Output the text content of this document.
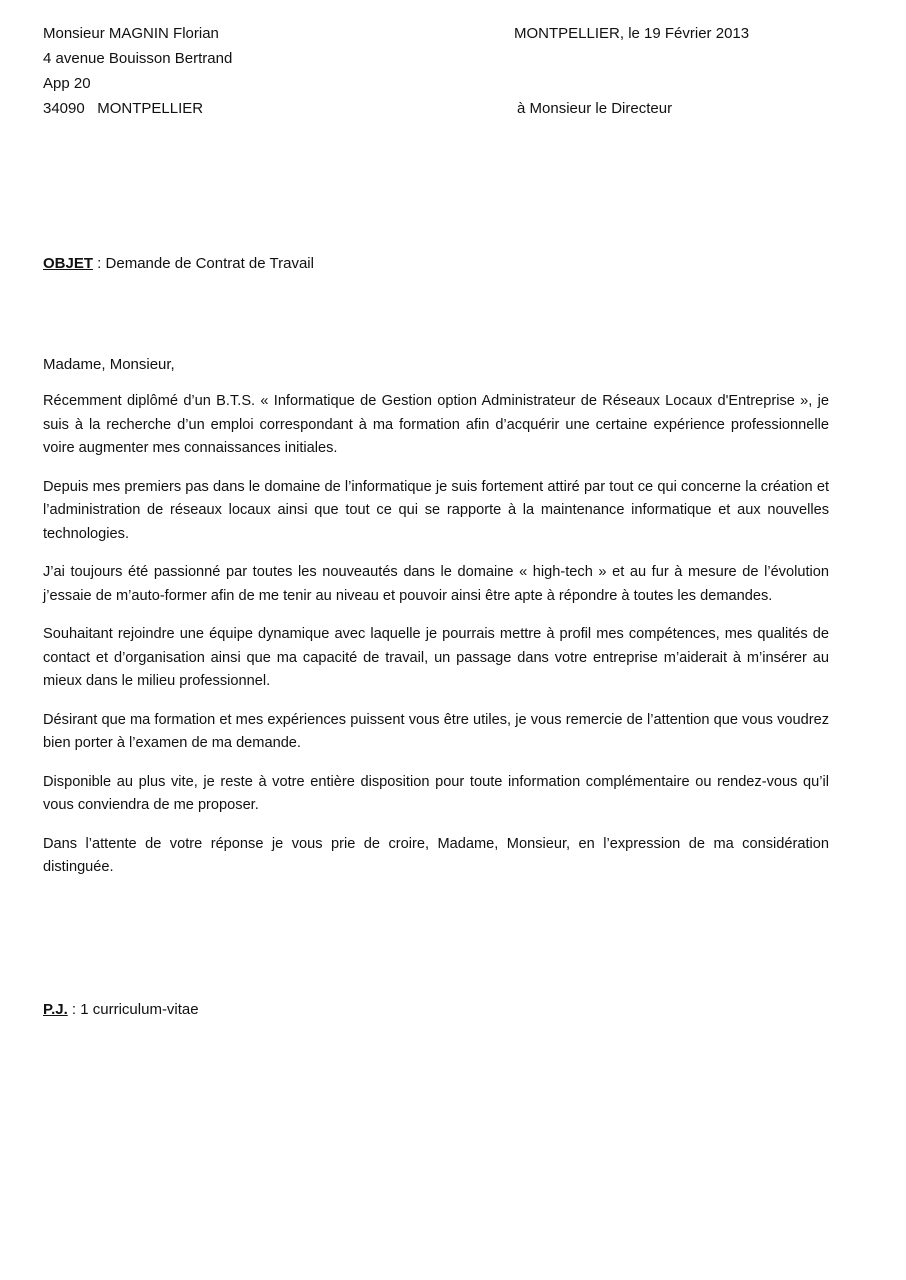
Monsieur MAGNIN Florian
4 avenue Bouisson Bertrand
App 20
34090   MONTPELLIER
MONTPELLIER, le 19 Février 2013
à Monsieur le Directeur
OBJET : Demande de Contrat de Travail
Madame, Monsieur,

Récemment diplômé d’un B.T.S. « Informatique de Gestion option Administrateur de Réseaux Locaux d'Entreprise », je suis à la recherche d’un emploi correspondant à ma formation afin d’acquérir une certaine expérience professionnelle voire augmenter mes connaissances initiales.

Depuis mes premiers pas dans le domaine de l’informatique je suis fortement attiré par tout ce qui concerne la création et l’administration de réseaux locaux ainsi que tout ce qui se rapporte à la maintenance informatique et aux nouvelles technologies.

J’ai toujours été passionné par toutes les nouveautés dans le domaine « high-tech » et au fur à mesure de l’évolution j’essaie de m’auto-former afin de me tenir au niveau et pouvoir ainsi être apte à répondre à toutes les demandes.

Souhaitant rejoindre une équipe dynamique avec laquelle je pourrais mettre à profil mes compétences, mes qualités de contact et d’organisation ainsi que ma capacité de travail, un passage dans votre entreprise m’aiderait à m’insérer au mieux dans le milieu professionnel.

Désirant que ma formation et mes expériences puissent vous être utiles, je vous remercie de l’attention que vous voudrez bien porter à l’examen de ma demande.

Disponible au plus vite, je reste à votre entière disposition pour toute information complémentaire ou rendez-vous qu’il vous conviendra de me proposer.

Dans l’attente de votre réponse je vous prie de croire, Madame, Monsieur, en l’expression de ma considération distinguée.

P.J. : 1 curriculum-vitae
